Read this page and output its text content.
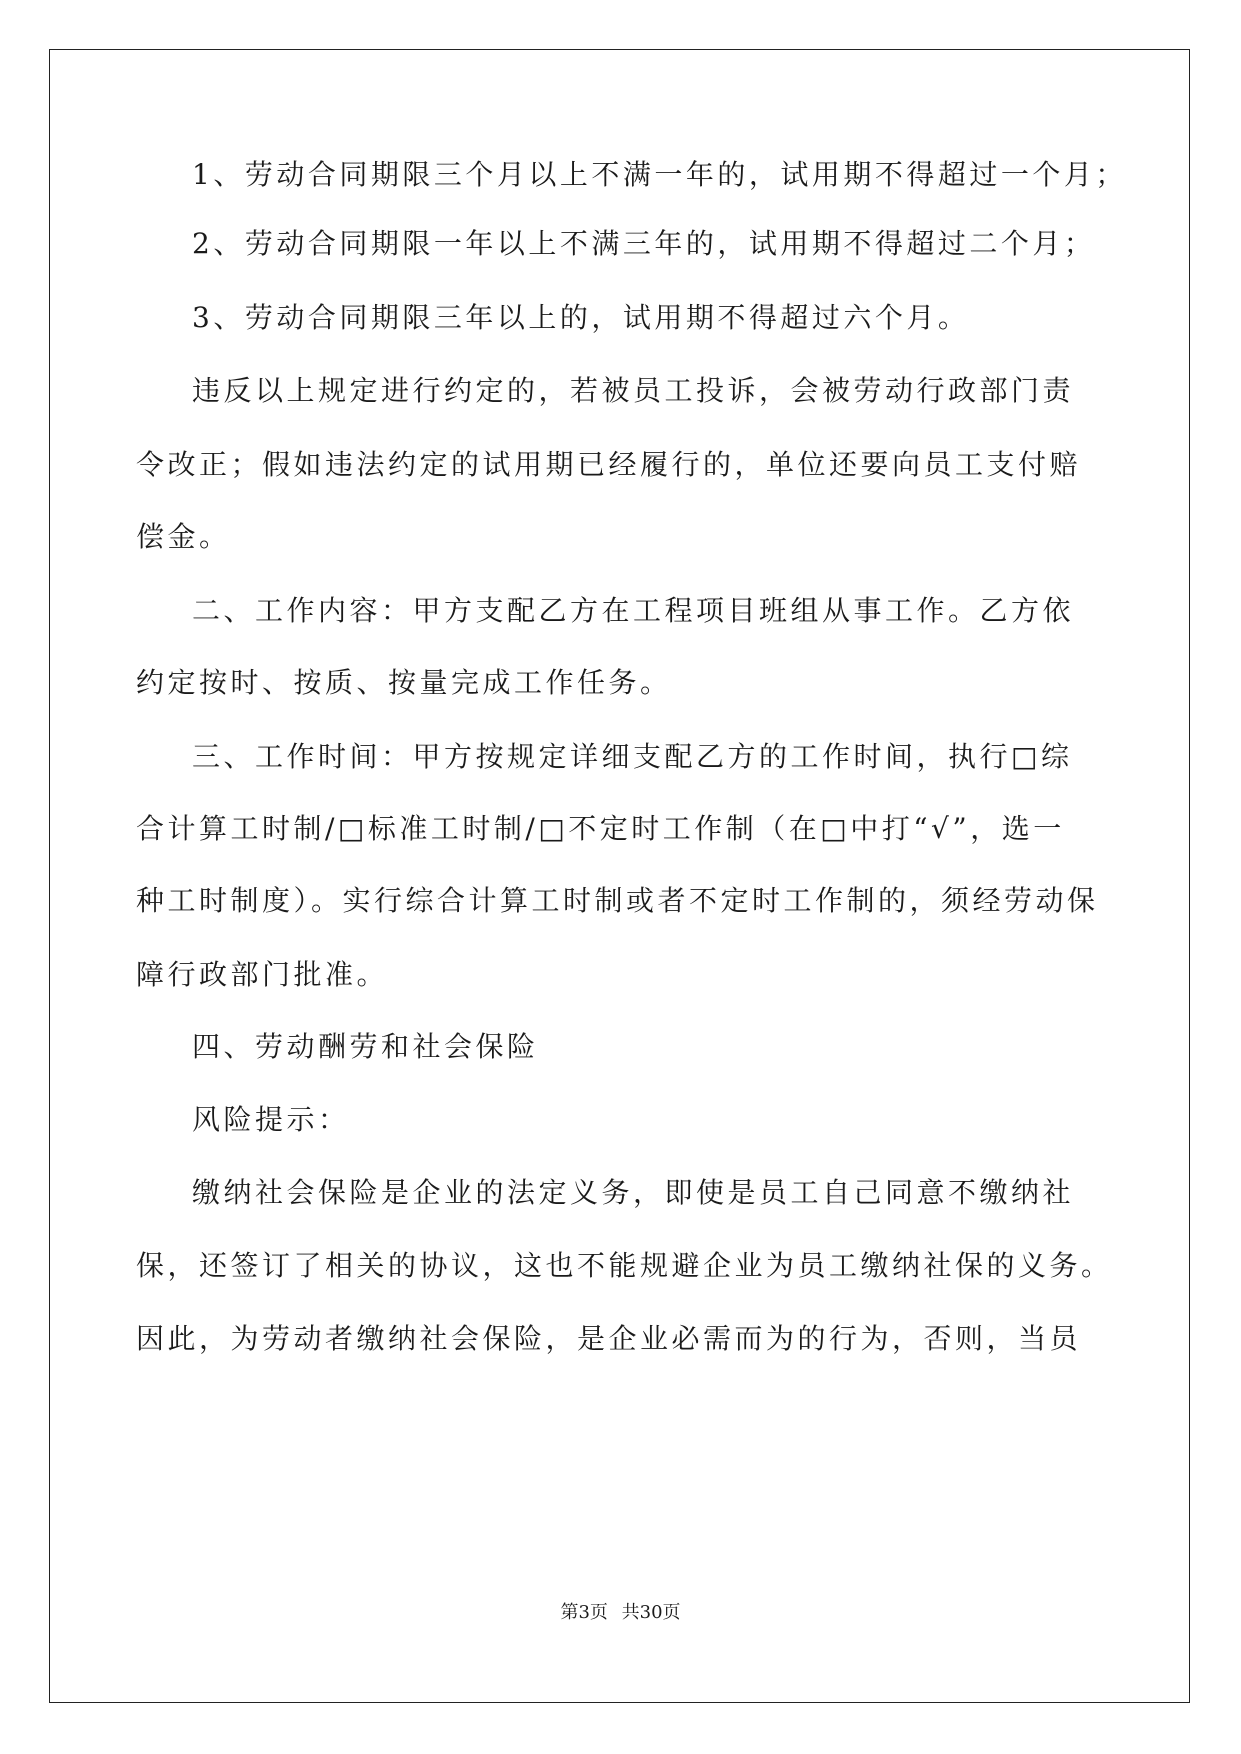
1、劳动合同期限三个月以上不满一年的，试用期不得超过一个月；
2、劳动合同期限一年以上不满三年的，试用期不得超过二个月；
3、劳动合同期限三年以上的，试用期不得超过六个月。
违反以上规定进行约定的，若被员工投诉，会被劳动行政部门责
令改正；假如违法约定的试用期已经履行的，单位还要向员工支付赔
偿金。
二、工作内容：甲方支配乙方在工程项目班组从事工作。乙方依
约定按时、按质、按量完成工作任务。
三、工作时间：甲方按规定详细支配乙方的工作时间，执行□综
合计算工时制/□标准工时制/□不定时工作制（在□中打“√”，选一
种工时制度）。实行综合计算工时制或者不定时工作制的，须经劳动保
障行政部门批准。
四、劳动酬劳和社会保险
风险提示：
缴纳社会保险是企业的法定义务，即使是员工自己同意不缴纳社
保，还签订了相关的协议，这也不能规避企业为员工缴纳社保的义务。
因此，为劳动者缴纳社会保险，是企业必需而为的行为，否则，当员
第3页 共30页
